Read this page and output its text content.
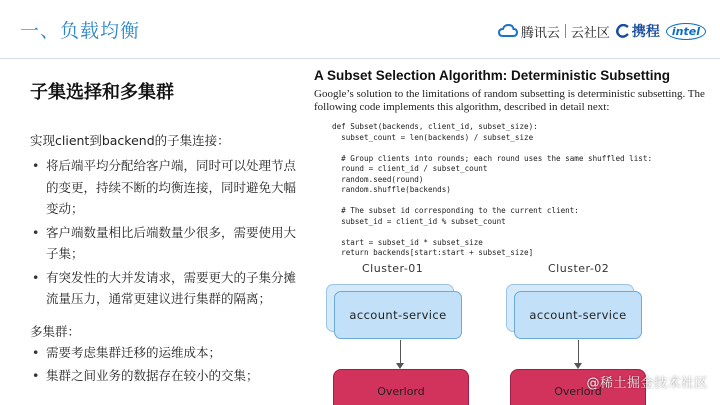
一、负载均衡	腾讯云 云社区 携程	intel
子集选择和多集群
实现client到backend的子集连接：
• 将后端平均分配给客户端，同时可以处理节点的变更，持续不断的均衡连接，同时避免大幅变动；
• 客户端数量相比后端数量少很多，需要使用大子集；
• 有突发性的大并发请求，需要更大的子集分摊流量压力，通常更建议进行集群的隔离；
多集群：
• 需要考虑集群迁移的运维成本；
• 集群之间业务的数据存在较小的交集；
A Subset Selection Algorithm: Deterministic Subsetting
Google’s solution to the limitations of random subsetting is deterministic subsetting. The following code implements this algorithm, described in detail next:
def Subset(backends, client_id, subset_size):
subset_count = len(backends) / subset_size

# Group clients into rounds; each round uses the same shuffled list:
round = client_id / subset_count
random.seed(round)
random.shuffle(backends)

# The subset id corresponding to the current client:
subset_id = client_id % subset_count

start = subset_id * subset_size
return backends[start:start + subset_size]
Cluster-01
account-service
Overlord
Cluster-02
account-service
Overlord
@稀土掘金技术社区
